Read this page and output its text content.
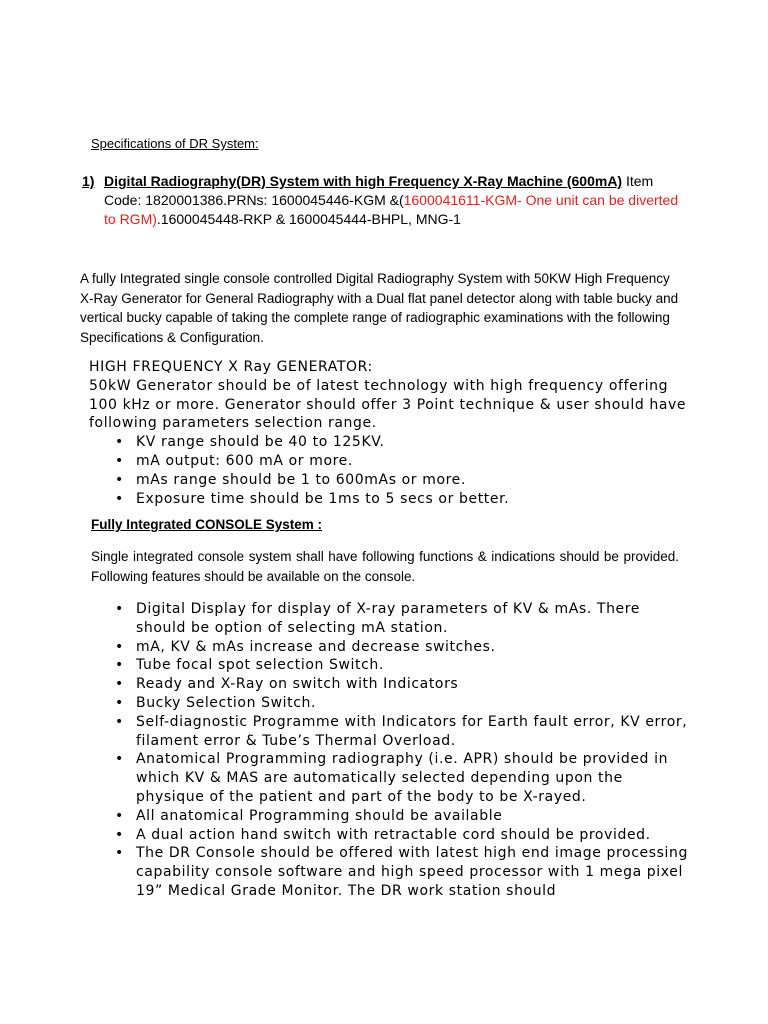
Specifications of DR System:
1) Digital Radiography(DR) System with high Frequency X-Ray Machine (600mA) Item Code: 1820001386.PRNs: 1600045446-KGM &(1600041611-KGM- One unit can be diverted to RGM).1600045448-RKP & 1600045444-BHPL, MNG-1
A fully Integrated single console controlled Digital Radiography System with 50KW High Frequency X-Ray Generator for General Radiography with a Dual flat panel detector along with table bucky and vertical bucky capable of taking the complete range of radiographic examinations with the following Specifications & Configuration.
HIGH FREQUENCY X Ray GENERATOR:
50kW Generator should be of latest technology with high frequency offering 100 kHz or more. Generator should offer 3 Point technique & user should have following parameters selection range.
• KV range should be 40 to 125KV.
• mA output: 600 mA or more.
• mAs range should be 1 to 600mAs or more.
• Exposure time should be 1ms to 5 secs or better.
Fully Integrated CONSOLE System :
Single integrated console system shall have following functions & indications should be provided. Following features should be available on the console.
• Digital Display for display of X-ray parameters of KV & mAs. There should be option of selecting mA station.
• mA, KV & mAs increase and decrease switches.
• Tube focal spot selection Switch.
• Ready and X-Ray on switch with Indicators
• Bucky Selection Switch.
• Self-diagnostic Programme with Indicators for Earth fault error, KV error, filament error & Tube’s Thermal Overload.
• Anatomical Programming radiography (i.e. APR) should be provided in which KV & MAS are automatically selected depending upon the physique of the patient and part of the body to be X-rayed.
• All anatomical Programming should be available
• A dual action hand switch with retractable cord should be provided.
• The DR Console should be offered with latest high end image processing capability console software and high speed processor with 1 mega pixel 19” Medical Grade Monitor. The DR work station should
